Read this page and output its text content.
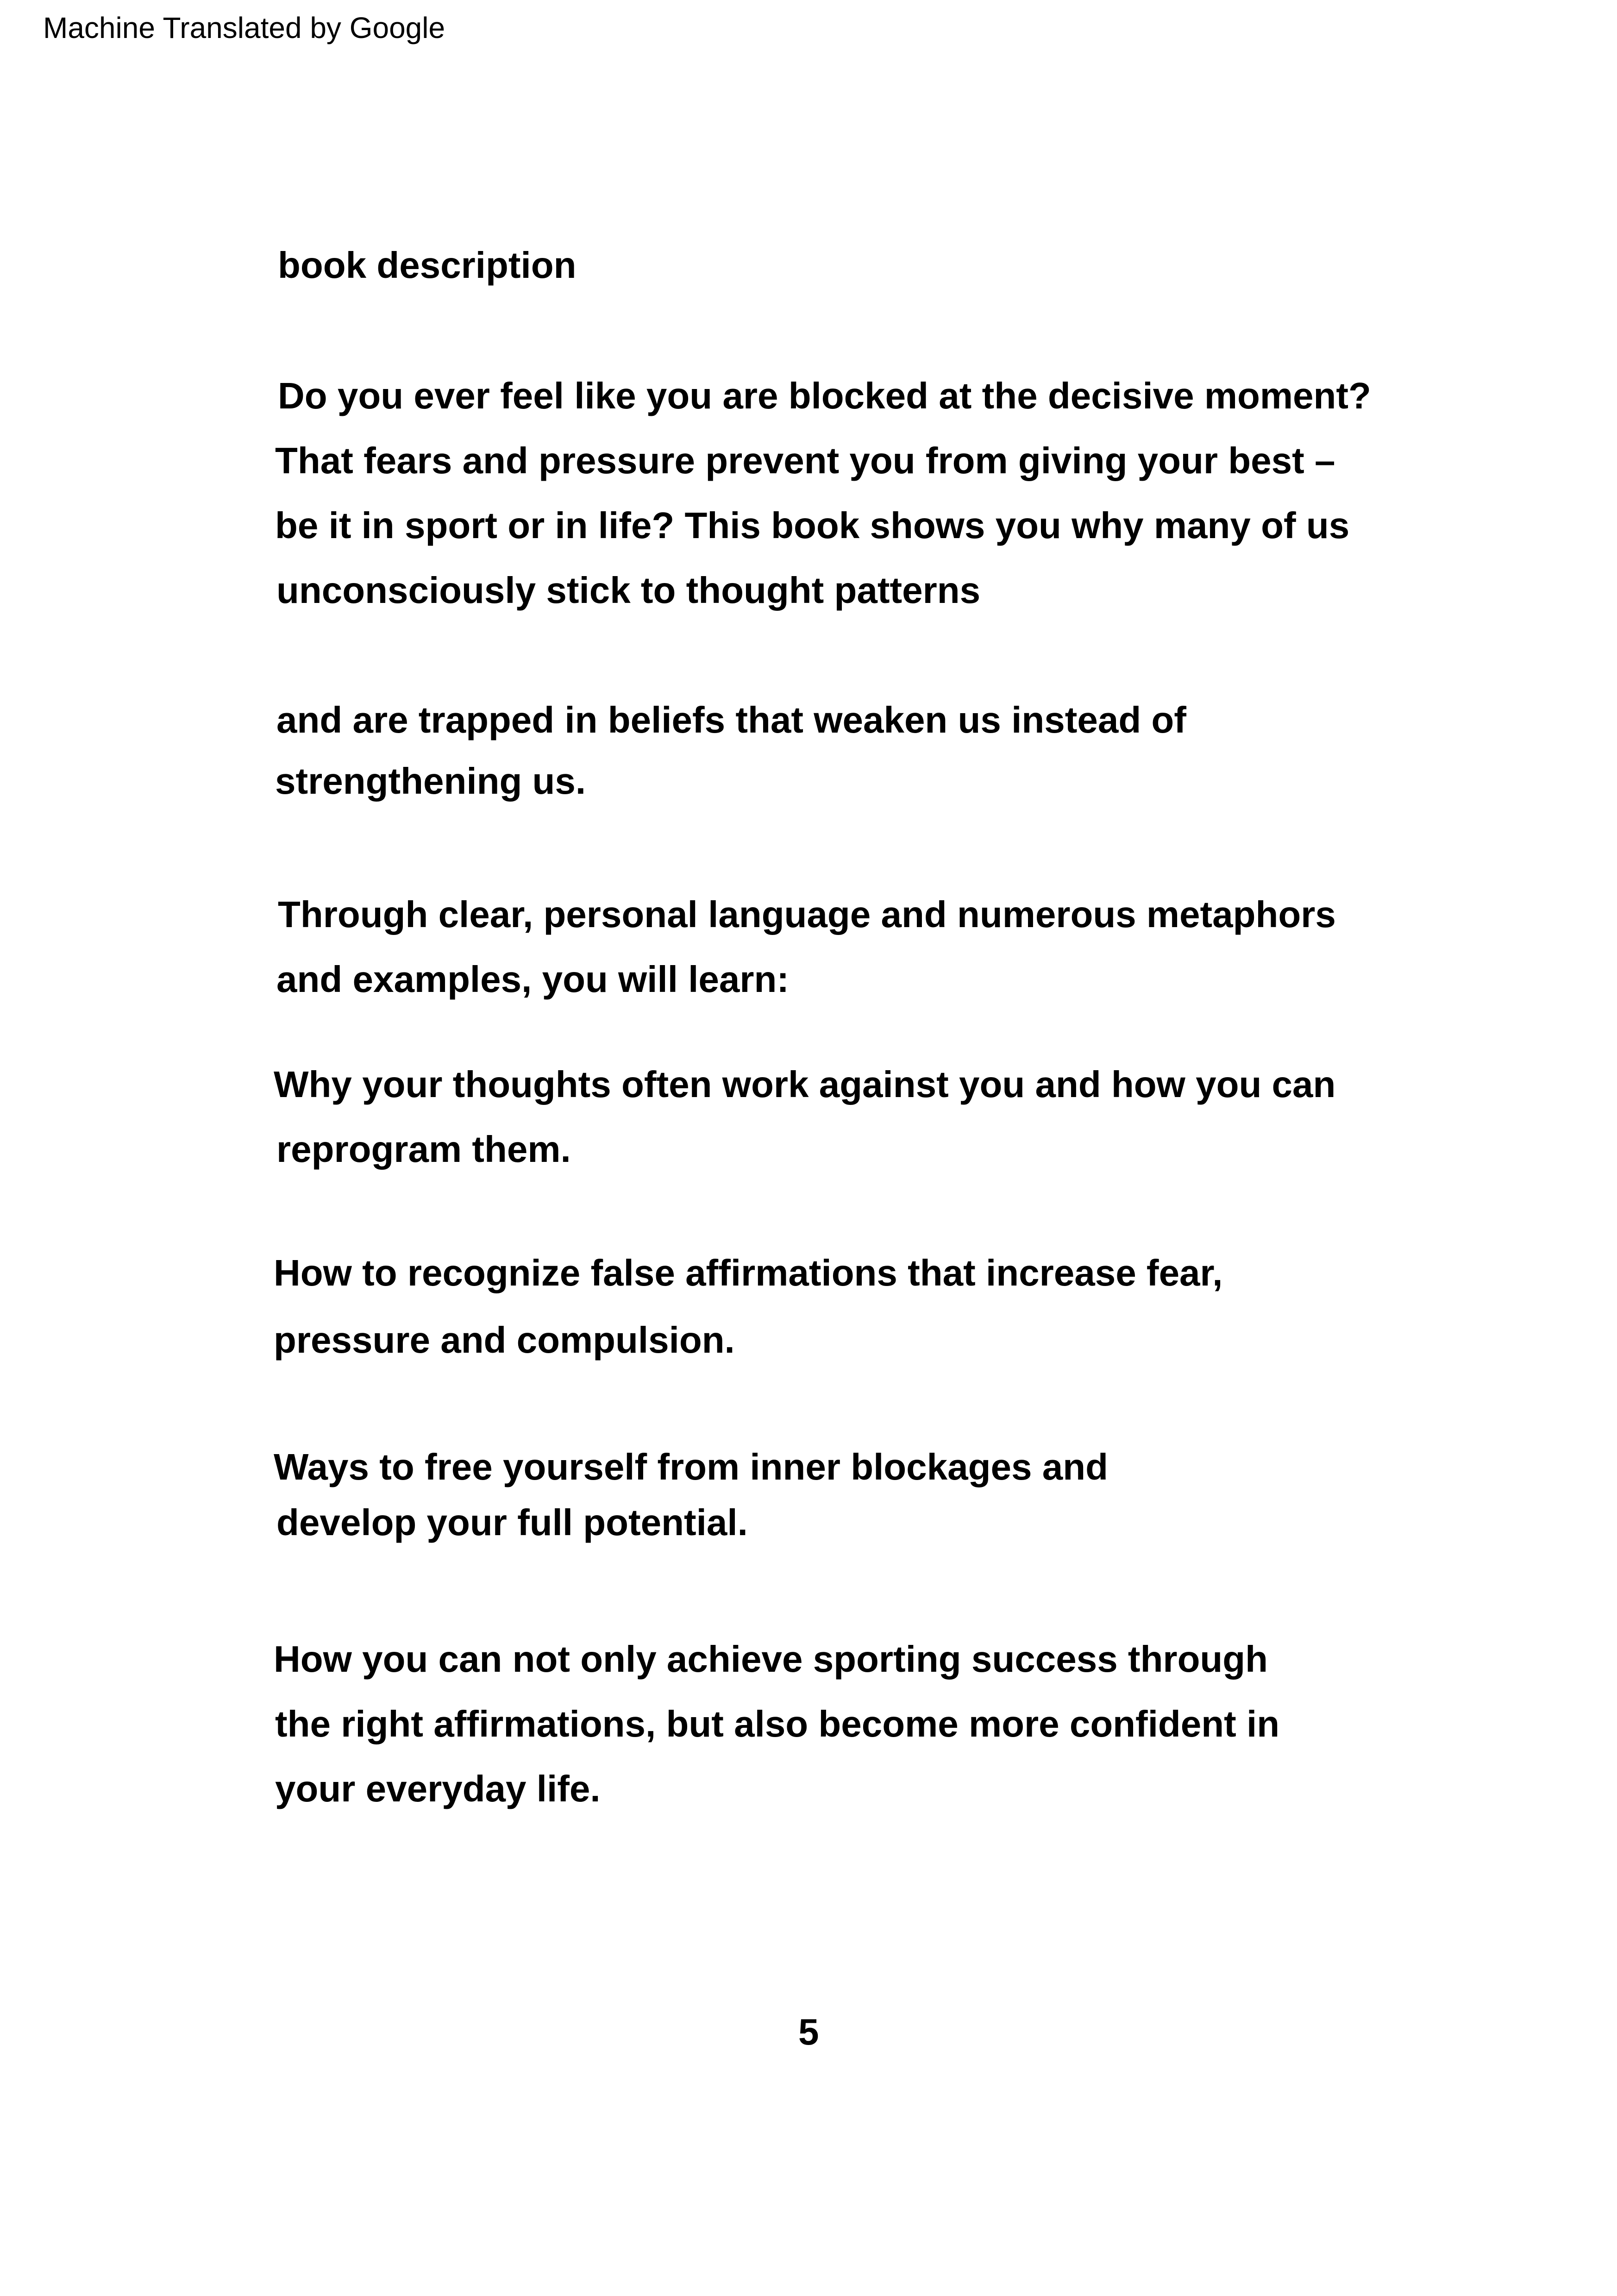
Machine Translated by Google
book description
Do you ever feel like you are blocked at the decisive moment?
That fears and pressure prevent you from giving your best –
be it in sport or in life? This book shows you why many of us
unconsciously stick to thought patterns
and are trapped in beliefs that weaken us instead of
strengthening us.
Through clear, personal language and numerous metaphors
and examples, you will learn:
Why your thoughts often work against you and how you can
reprogram them.
How to recognize false affirmations that increase fear,
pressure and compulsion.
Ways to free yourself from inner blockages and
develop your full potential.
How you can not only achieve sporting success through
the right affirmations, but also become more confident in
your everyday life.
5
